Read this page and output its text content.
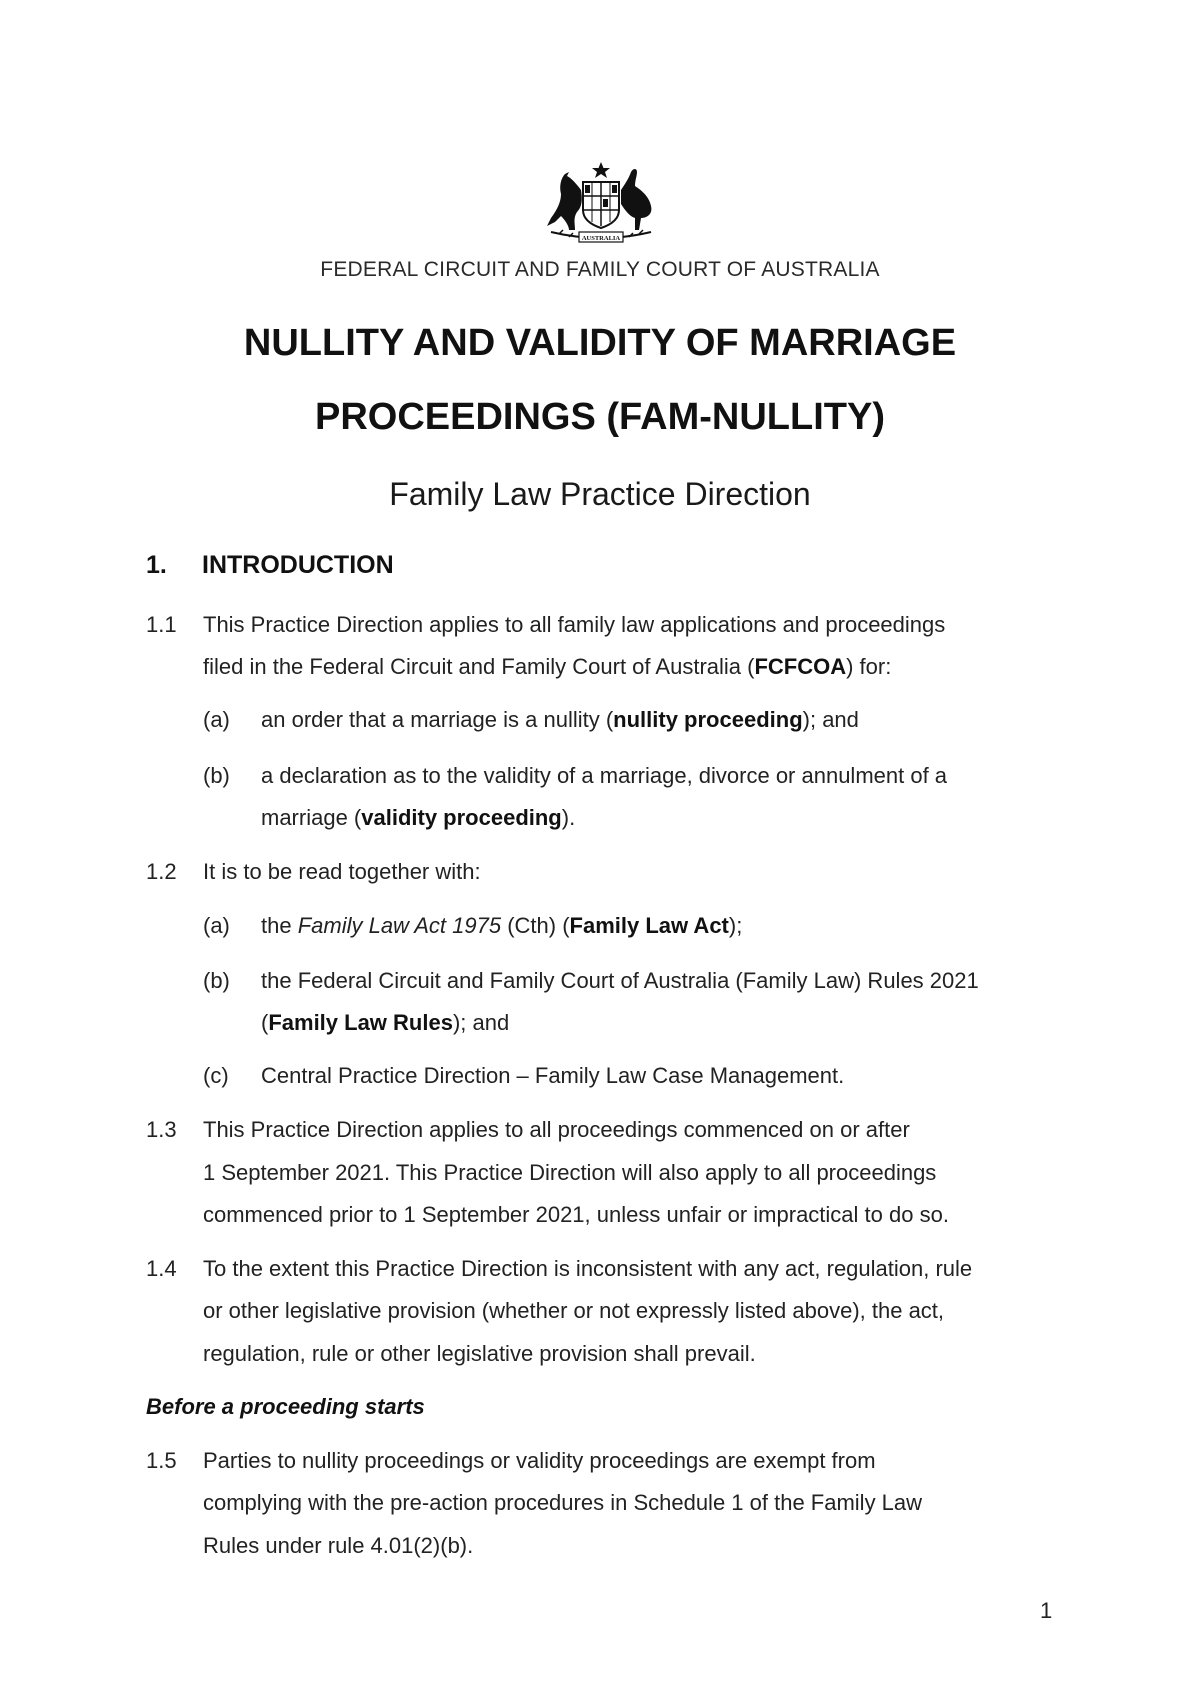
AUSTRALIA
FEDERAL CIRCUIT AND FAMILY COURT OF AUSTRALIA
NULLITY AND VALIDITY OF MARRIAGE
PROCEEDINGS (FAM-NULLITY)
Family Law Practice Direction
1. INTRODUCTION
1.1 This Practice Direction applies to all family law applications and proceedings
filed in the Federal Circuit and Family Court of Australia (FCFCOA) for:
(a) an order that a marriage is a nullity (nullity proceeding); and
(b) a declaration as to the validity of a marriage, divorce or annulment of a
marriage (validity proceeding).
1.2 It is to be read together with:
(a) the Family Law Act 1975 (Cth) (Family Law Act);
(b) the Federal Circuit and Family Court of Australia (Family Law) Rules 2021
(Family Law Rules); and
(c) Central Practice Direction – Family Law Case Management.
1.3 This Practice Direction applies to all proceedings commenced on or after
1 September 2021. This Practice Direction will also apply to all proceedings
commenced prior to 1 September 2021, unless unfair or impractical to do so.
1.4 To the extent this Practice Direction is inconsistent with any act, regulation, rule
or other legislative provision (whether or not expressly listed above), the act,
regulation, rule or other legislative provision shall prevail.
Before a proceeding starts
1.5 Parties to nullity proceedings or validity proceedings are exempt from
complying with the pre-action procedures in Schedule 1 of the Family Law
Rules under rule 4.01(2)(b).
1
